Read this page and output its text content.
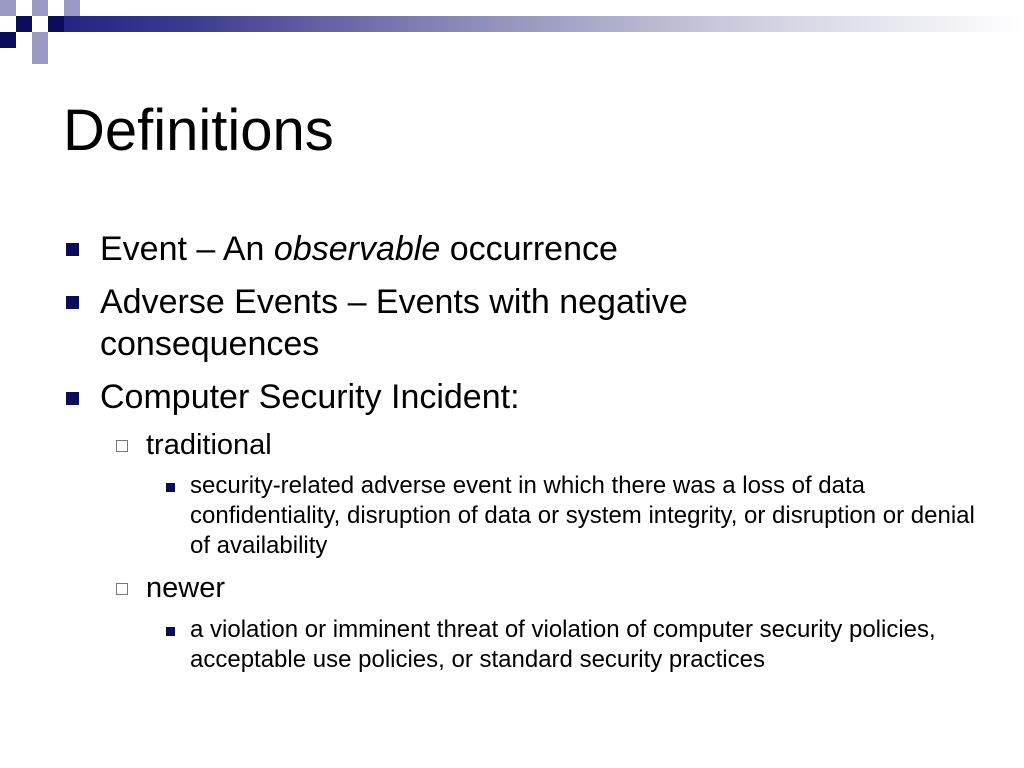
Definitions
Event – An observable occurrence
Adverse Events – Events with negative consequences
Computer Security Incident:
traditional
security-related adverse event in which there was a loss of data confidentiality, disruption of data or system integrity, or disruption or denial of availability
newer
a violation or imminent threat of violation of computer security policies, acceptable use policies, or standard security practices
